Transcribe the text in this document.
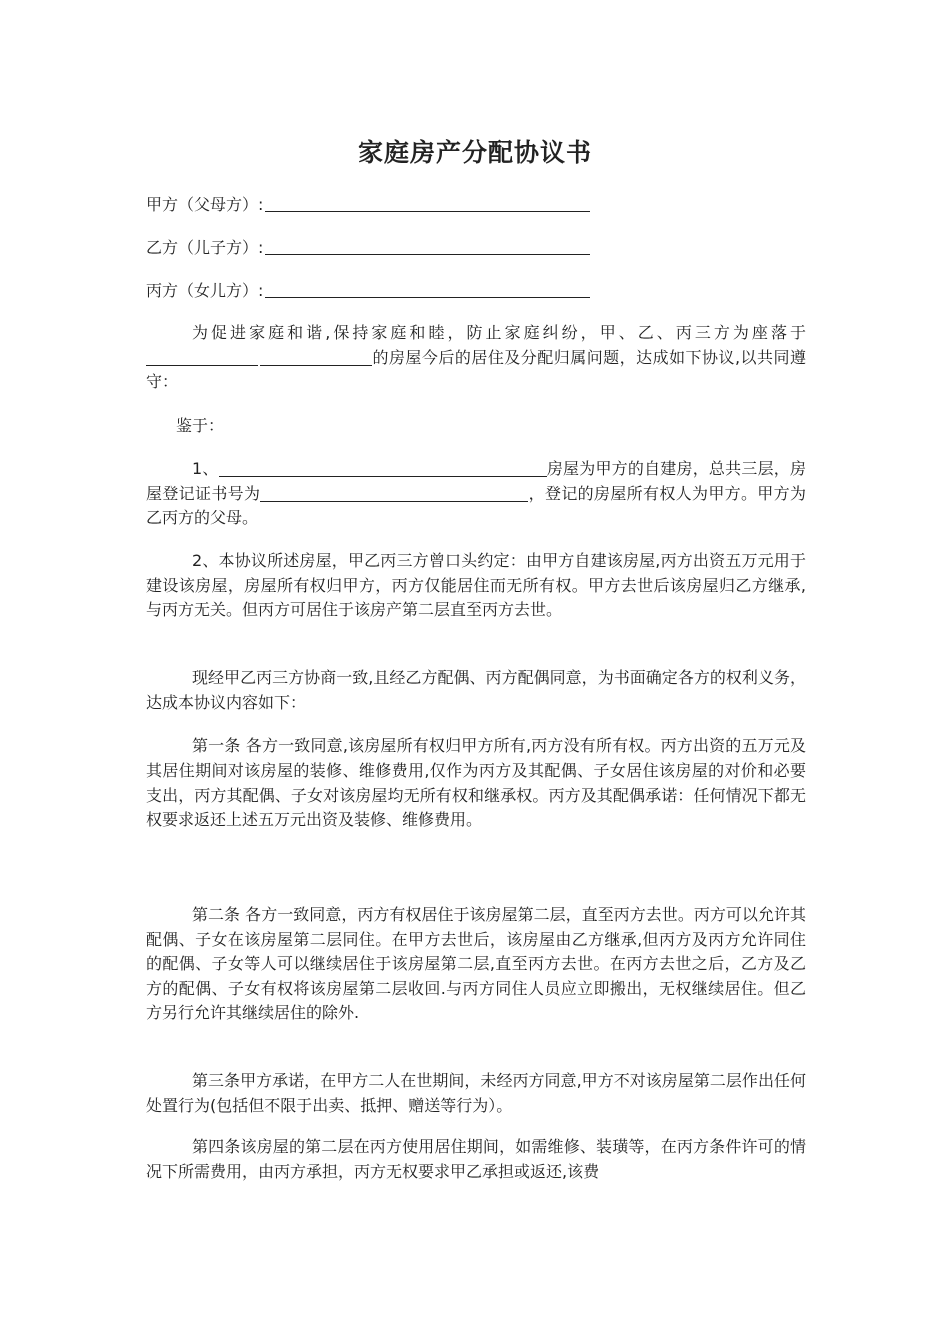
家庭房产分配协议书
甲方（父母方）:
乙方（儿子方）:
丙方（女儿方）:

为促进家庭和谐,保持家庭和睦，防止家庭纠纷，甲、乙、丙三方为座落于的房屋今后的居住及分配归属问题，达成如下协议,以共同遵守：

鉴于：

1、	房屋为甲方的自建房，总共三层，房屋登记证书号为	，登记的房屋所有权人为甲方。甲方为乙丙方的父母。

2、本协议所述房屋，甲乙丙三方曾口头约定：由甲方自建该房屋,丙方出资五万元用于建设该房屋，房屋所有权归甲方，丙方仅能居住而无所有权。甲方去世后该房屋归乙方继承,与丙方无关。但丙方可居住于该房产第二层直至丙方去世。

现经甲乙丙三方协商一致,且经乙方配偶、丙方配偶同意，为书面确定各方的权利义务，达成本协议内容如下：

第一条 各方一致同意,该房屋所有权归甲方所有,丙方没有所有权。丙方出资的五万元及其居住期间对该房屋的装修、维修费用,仅作为丙方及其配偶、子女居住该房屋的对价和必要支出，丙方其配偶、子女对该房屋均无所有权和继承权。丙方及其配偶承诺：任何情况下都无权要求返还上述五万元出资及装修、维修费用。

第二条 各方一致同意，丙方有权居住于该房屋第二层，直至丙方去世。丙方可以允许其配偶、子女在该房屋第二层同住。在甲方去世后，该房屋由乙方继承,但丙方及丙方允许同住的配偶、子女等人可以继续居住于该房屋第二层,直至丙方去世。在丙方去世之后，乙方及乙方的配偶、子女有权将该房屋第二层收回.与丙方同住人员应立即搬出，无权继续居住。但乙方另行允许其继续居住的除外.

第三条甲方承诺，在甲方二人在世期间，未经丙方同意,甲方不对该房屋第二层作出任何处置行为(包括但不限于出卖、抵押、赠送等行为）。

第四条该房屋的第二层在丙方使用居住期间，如需维修、装璜等，在丙方条件许可的情况下所需费用，由丙方承担，丙方无权要求甲乙承担或返还,该费
